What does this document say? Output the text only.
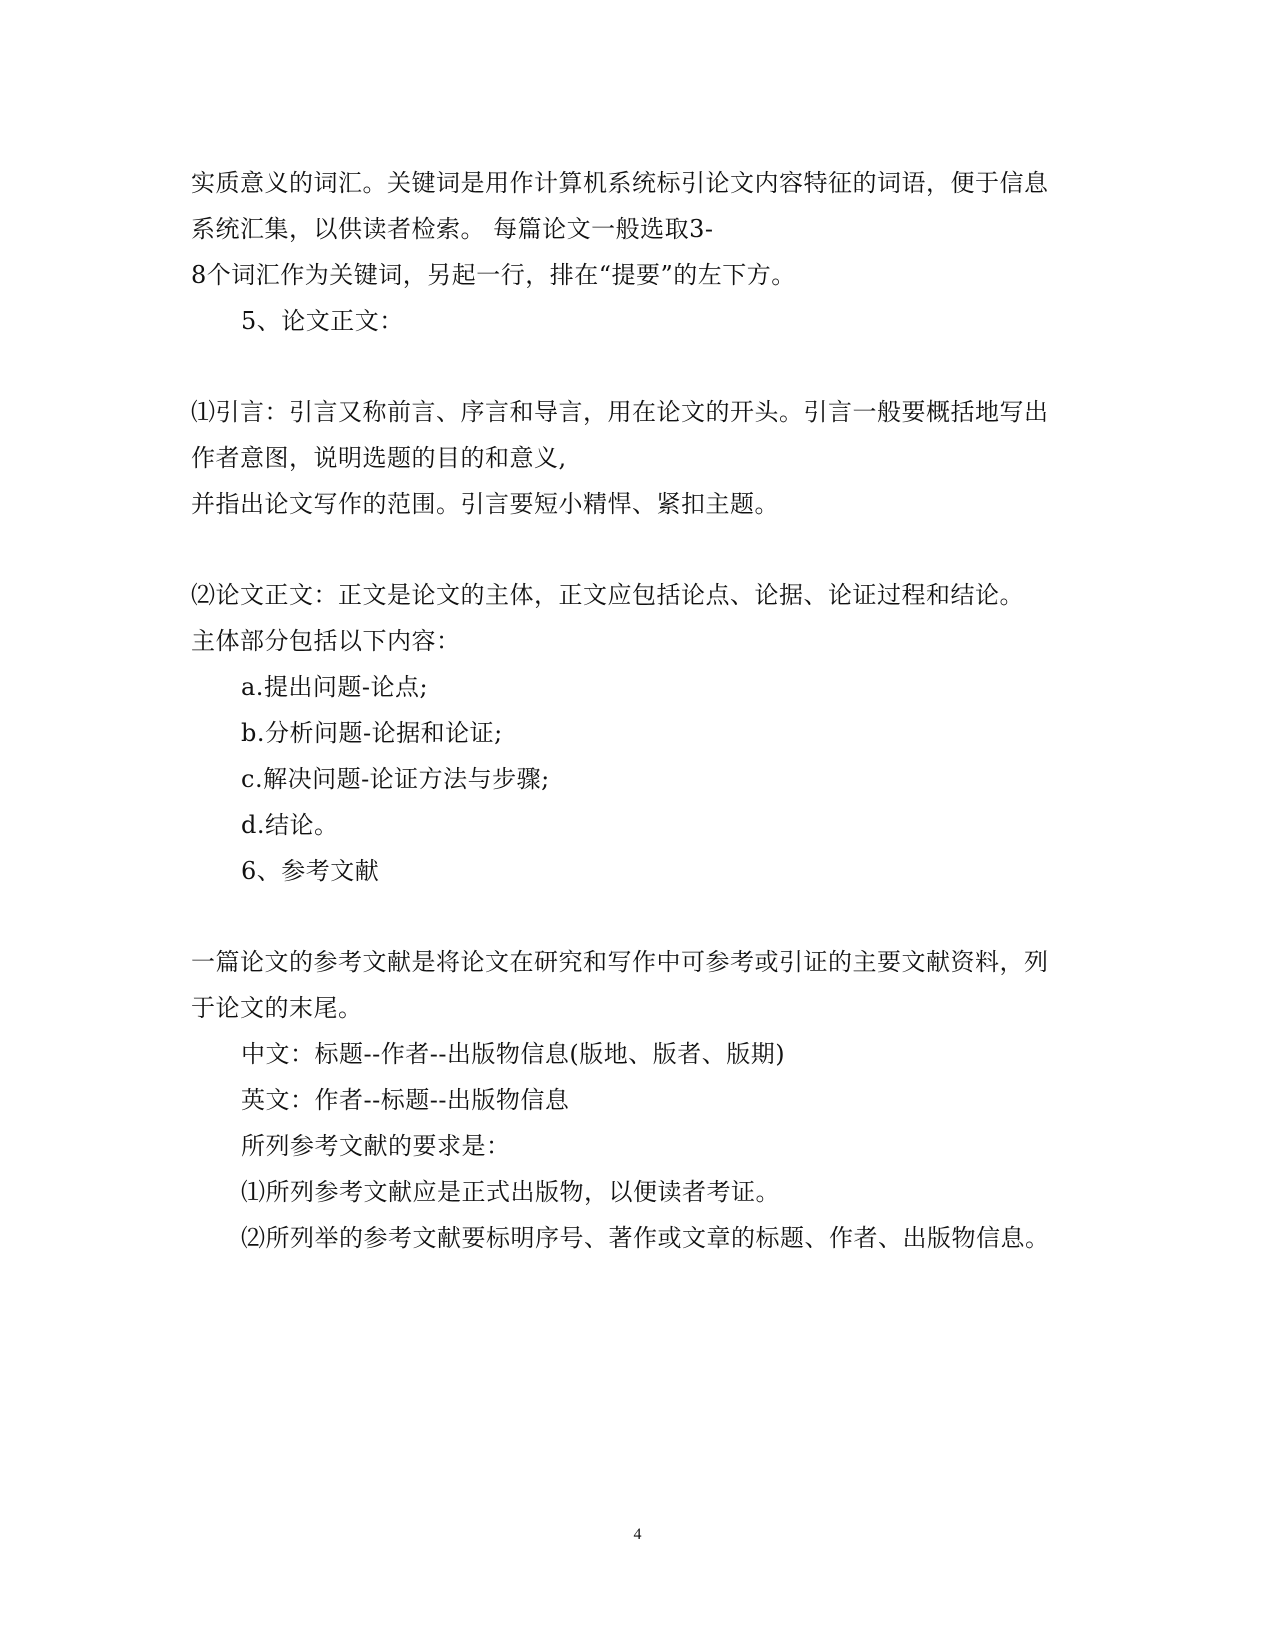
实质意义的词汇。关键词是用作计算机系统标引论文内容特征的词语，便于信息
系统汇集，以供读者检索。 每篇论文一般选取3-
8个词汇作为关键词，另起一行，排在“提要”的左下方。
5、论文正文：
⑴引言：引言又称前言、序言和导言，用在论文的开头。引言一般要概括地写出
作者意图，说明选题的目的和意义,
并指出论文写作的范围。引言要短小精悍、紧扣主题。
⑵论文正文：正文是论文的主体，正文应包括论点、论据、论证过程和结论。
主体部分包括以下内容：
a.提出问题-论点;
b.分析问题-论据和论证;
c.解决问题-论证方法与步骤;
d.结论。
6、参考文献
一篇论文的参考文献是将论文在研究和写作中可参考或引证的主要文献资料，列
于论文的末尾。
中文：标题--作者--出版物信息(版地、版者、版期)
英文：作者--标题--出版物信息
所列参考文献的要求是：
⑴所列参考文献应是正式出版物，以便读者考证。
⑵所列举的参考文献要标明序号、著作或文章的标题、作者、出版物信息。
4
